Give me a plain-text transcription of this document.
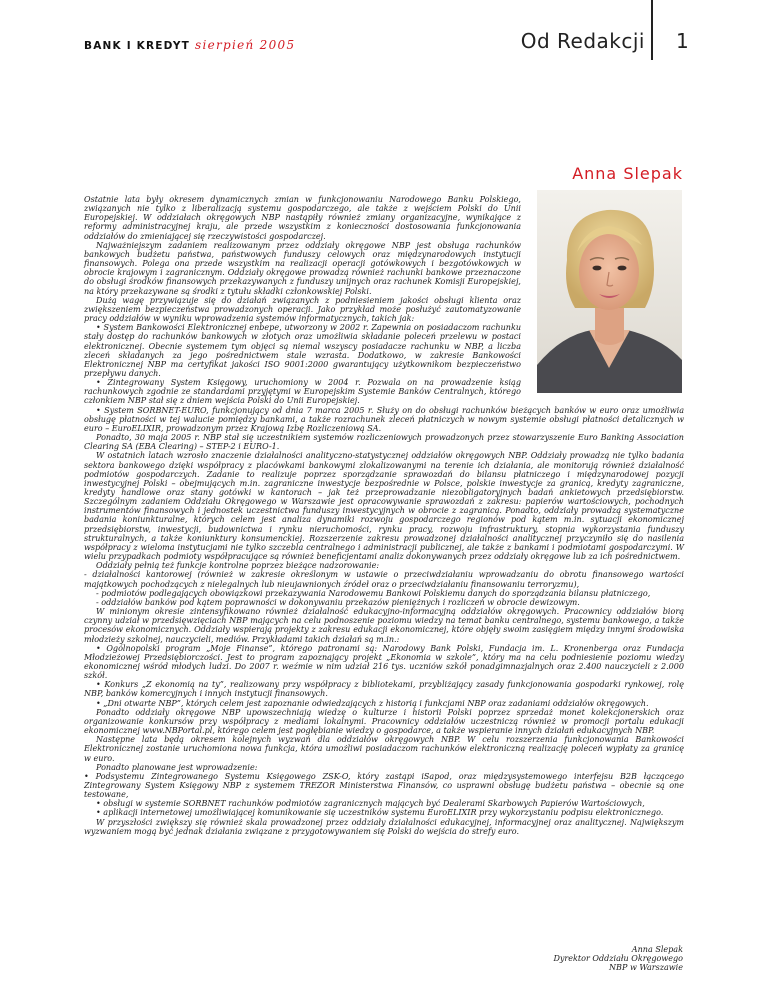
BANK I KREDYT sierpień 2005	Od Redakcji 1
Anna Slepak

Ostatnie lata były okresem dynamicznych zmian w funkcjonowaniu Narodowego Banku Polskiego, związanych nie tylko z liberalizacją systemu gospodarczego, ale także z wejściem Polski do Unii Europejskiej. W oddziałach okręgowych NBP nastąpiły również zmiany organizacyjne, wynikające z reformy administracyjnej kraju, ale przede wszystkim z konieczności dostosowania funkcjonowania oddziałów do zmieniającej się rzeczywistości gospodarczej.

Najważniejszym zadaniem realizowanym przez oddziały okręgowe NBP jest obsługa rachunków bankowych budżetu państwa, państwowych funduszy celowych oraz międzynarodowych instytucji finansowych. Polega ona przede wszystkim na realizacji operacji gotówkowych i bezgotówkowych w obrocie krajowym i zagranicznym. Oddziały okręgowe prowadzą również rachunki bankowe przeznaczone do obsługi środków finansowych przekazywanych z funduszy unijnych oraz rachunek Komisji Europejskiej, na który przekazywane są środki z tytułu składki członkowskiej Polski.

Dużą wagę przywiązuje się do działań związanych z podniesieniem jakości obsługi klienta oraz zwiększeniem bezpieczeństwa prowadzonych operacji. Jako przykład może posłużyć zautomatyzowanie pracy oddziałów w wyniku wprowadzenia systemów informatycznych, takich jak:

• System Bankowości Elektronicznej enbepe, utworzony w 2002 r. Zapewnia on posiadaczom rachunku stały dostęp do rachunków bankowych w złotych oraz umożliwia składanie poleceń przelewu w postaci elektronicznej. Obecnie systemem tym objęci są niemal wszyscy posiadacze rachunku w NBP, a liczba zleceń składanych za jego pośrednictwem stale wzrasta. Dodatkowo, w zakresie Bankowości Elektronicznej NBP ma certyfikat jakości ISO 9001:2000 gwarantujący użytkownikom bezpieczeństwo przepływu danych.

• Zintegrowany System Księgowy, uruchomiony w 2004 r. Pozwala on na prowadzenie ksiąg rachunkowych zgodnie ze standardami przyjętymi w Europejskim Systemie Banków Centralnych, którego członkiem NBP stał się z dniem wejścia Polski do Unii Europejskiej.

• System SORBNET-EURO, funkcjonujący od dnia 7 marca 2005 r. Służy on do obsługi rachunków bieżących banków w euro oraz umożliwia obsługę płatności w tej walucie pomiędzy bankami, a także rozrachunek zleceń płatniczych w nowym systemie obsługi płatności detalicznych w euro – EuroELIXIR, prowadzonym przez Krajową Izbę Rozliczeniową SA.

Ponadto, 30 maja 2005 r. NBP stał się uczestnikiem systemów rozliczeniowych prowadzonych przez stowarzyszenie Euro Banking Association Clearing SA (EBA Clearing) – STEP-2 i EURO-1.

W ostatnich latach wzrosło znaczenie działalności analityczno-statystycznej oddziałów okręgowych NBP. Oddziały prowadzą nie tylko badania sektora bankowego dzięki współpracy z placówkami bankowymi zlokalizowanymi na terenie ich działania, ale monitorują również działalność podmiotów gospodarczych. Zadanie to realizuje poprzez sporządzanie sprawozdań do bilansu płatniczego i międzynarodowej pozycji inwestycyjnej Polski – obejmujących m.in. zagraniczne inwestycje bezpośrednie w Polsce, polskie inwestycje za granicą, kredyty zagraniczne, kredyty handlowe oraz stany gotówki w kantorach – jak też przeprowadzanie niezobligatoryjnych badań ankietowych przedsiębiorstw. Szczególnym zadaniem Oddziału Okręgowego w Warszawie jest opracowywanie sprawozdań z zakresu: papierów wartościowych, pochodnych instrumentów finansowych i jednostek uczestnictwa funduszy inwestycyjnych w obrocie z zagranicą. Ponadto, oddziały prowadzą systematyczne badania koniunkturalne, których celem jest analiza dynamiki rozwoju gospodarczego regionów pod kątem m.in. sytuacji ekonomicznej przedsiębiorstw, inwestycji, budownictwa i rynku nieruchomości, rynku pracy, rozwoju infrastruktury, stopnia wykorzystania funduszy strukturalnych, a także koniunktury konsumenckiej. Rozszerzenie zakresu prowadzonej działalności analitycznej przyczyniło się do nasilenia współpracy z wieloma instytucjami nie tylko szczebla centralnego i administracji publicznej, ale także z bankami i podmiotami gospodarczymi. W wielu przypadkach podmioty współpracujące są również beneficjentami analiz dokonywanych przez oddziały okręgowe lub za ich pośrednictwem.

Oddziały pełnią też funkcje kontrolne poprzez bieżące nadzorowanie:

- działalności kantorowej (również w zakresie określonym w ustawie o przeciwdziałaniu wprowadzaniu do obrotu finansowego wartości majątkowych pochodzących z nielegalnych lub nieujawnionych źródeł oraz o przeciwdziałaniu finansowaniu terroryzmu),

- podmiotów podlegających obowiązkowi przekazywania Narodowemu Bankowi Polskiemu danych do sporządzania bilansu płatniczego,

- oddziałów banków pod kątem poprawności w dokonywaniu przekazów pieniężnych i rozliczeń w obrocie dewizowym.

W minionym okresie zintensyfikowano również działalność edukacyjno-informacyjną oddziałów okręgowych. Pracownicy oddziałów biorą czynny udział w przedsięwzięciach NBP mających na celu podnoszenie poziomu wiedzy na temat banku centralnego, systemu bankowego, a także procesów ekonomicznych. Oddziały wspierają projekty z zakresu edukacji ekonomicznej, które objęły swoim zasięgiem między innymi środowiska młodzieży szkolnej, nauczycieli, mediów. Przykładami takich działań są m.in.:

• Ogólnopolski program „Moje Finanse”, którego patronami są: Narodowy Bank Polski, Fundacja im. L. Kronenberga oraz Fundacja Młodzieżowej Przedsiębiorczości. Jest to program zapoznający projekt „Ekonomia w szkole”, który ma na celu podniesienie poziomu wiedzy ekonomicznej wśród młodych ludzi. Do 2007 r. weźmie w nim udział 216 tys. uczniów szkół ponadgimnazjalnych oraz 2.400 nauczycieli z 2.000 szkół.

• Konkurs „Z ekonomią na ty”, realizowany przy współpracy z bibliotekami, przybliżający zasady funkcjonowania gospodarki rynkowej, rolę NBP, banków komercyjnych i innych instytucji finansowych.

• „Dni otwarte NBP”, których celem jest zapoznanie odwiedzających z historią i funkcjami NBP oraz zadaniami oddziałów okręgowych.

Ponadto oddziały okręgowe NBP upowszechniają wiedzę o kulturze i historii Polski poprzez sprzedaż monet kolekcjonerskich oraz organizowanie konkursów przy współpracy z mediami lokalnymi. Pracownicy oddziałów uczestniczą również w promocji portalu edukacji ekonomicznej www.NBPortal.pl, którego celem jest pogłębianie wiedzy o gospodarce, a także wspieranie innych działań edukacyjnych NBP.

Następne lata będą okresem kolejnych wyzwań dla oddziałów okręgowych NBP. W celu rozszerzenia funkcjonowania Bankowości Elektronicznej zostanie uruchomiona nowa funkcja, która umożliwi posiadaczom rachunków elektroniczną realizację poleceń wypłaty za granicę w euro.

Ponadto planowane jest wprowadzenie:

• Podsystemu Zintegrowanego Systemu Księgowego ZSK-O, który zastąpi iSapod, oraz międzysystemowego interfejsu B2B łączącego Zintegrowany System Księgowy NBP z systemem TREZOR Ministerstwa Finansów, co usprawni obsługę budżetu państwa – obecnie są one testowane,

• obsługi w systemie SORBNET rachunków podmiotów zagranicznych mających być Dealerami Skarbowych Papierów Wartościowych,

• aplikacji internetowej umożliwiającej komunikowanie się uczestników systemu EuroELIXIR przy wykorzystaniu podpisu elektronicznego.

W przyszłości zwiększy się również skala prowadzonej przez oddziały działalności edukacyjnej, informacyjnej oraz analitycznej. Największym wyzwaniem mogą być jednak działania związane z przygotowywaniem się Polski do wejścia do strefy euro.

Anna Slepak
Dyrektor Oddziału Okręgowego
NBP w Warszawie
